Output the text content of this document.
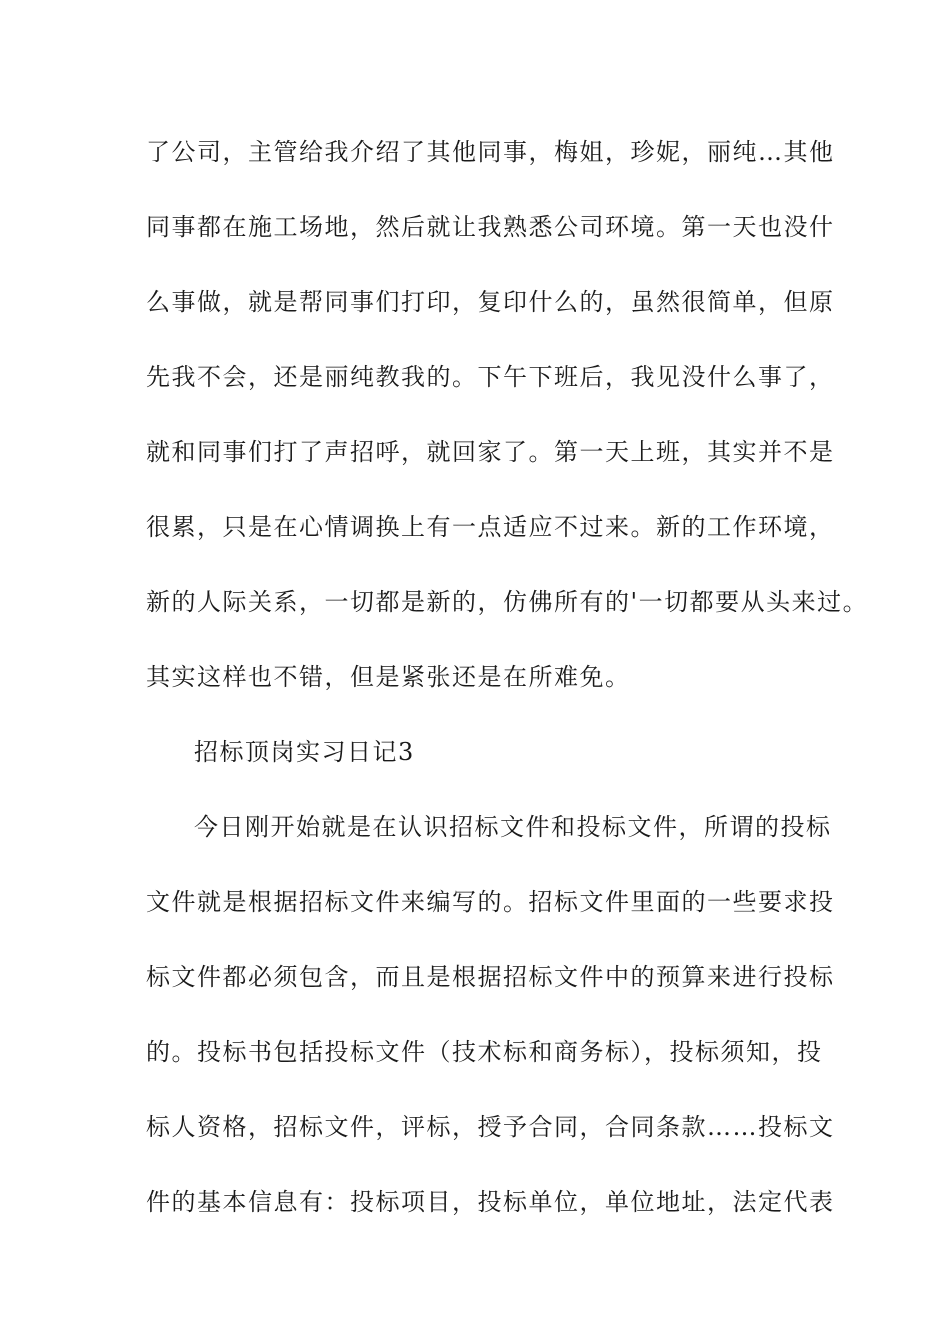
了公司，主管给我介绍了其他同事，梅姐，珍妮，丽纯…其他
同事都在施工场地，然后就让我熟悉公司环境。第一天也没什
么事做，就是帮同事们打印，复印什么的，虽然很简单，但原
先我不会，还是丽纯教我的。下午下班后，我见没什么事了，
就和同事们打了声招呼，就回家了。第一天上班，其实并不是
很累，只是在心情调换上有一点适应不过来。新的工作环境，
新的人际关系，一切都是新的，仿佛所有的'一切都要从头来过。
其实这样也不错，但是紧张还是在所难免。
招标顶岗实习日记3
今日刚开始就是在认识招标文件和投标文件，所谓的投标
文件就是根据招标文件来编写的。招标文件里面的一些要求投
标文件都必须包含，而且是根据招标文件中的预算来进行投标
的。投标书包括投标文件（技术标和商务标），投标须知，投
标人资格，招标文件，评标，授予合同，合同条款……投标文
件的基本信息有：投标项目，投标单位，单位地址，法定代表
